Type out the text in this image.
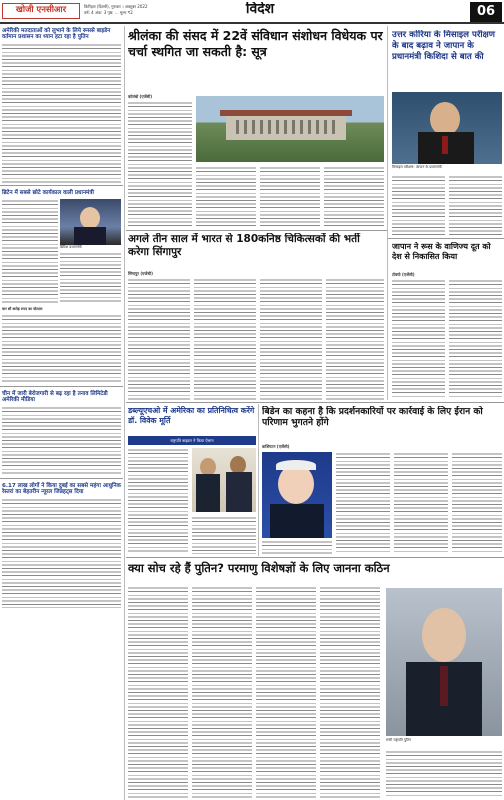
खोजी एनसीआर	किरिहल (दिल्ली), गुरुवार । अक्टूबर 2022
वर्ष: 4 अंक: 3 पृष्ठ: ... मूल्य ₹2	विदेश	06
अमेरिकी मतदाताओं को लुभाने के लिये रूससे बाइडेन वर्तमान प्रशासन का ध्यान हटा रहा है पुतिन
ब्रिटेन में सबसे छोटे कार्यकाल वाली प्रधानमंत्री
ब्रिटिश प्रधानमंत्री
चार सौ करोड़ रुपए का घोटाला
चीन में जारी बेरोजगारी से बढ़ रहा है तनाव लिमिटेडी अमेरिकी मीडिया
6.17 लाख लोगों ने किया दुबई का सबसे महंगा आधुनिक रेस्तरां का बेहतरीन न्यूरल जिन्नहट्स दिया
श्रीलंका की संसद में 22वें संविधान संशोधन विधेयक पर चर्चा स्थगित जा सकती है: सूत्र
कोलंबो (एजेंसी)
उत्तर कोरिया के मिसाइल परीक्षण के बाद बढ़ाव ने जापान के प्रधानमंत्री किशिदा से बात की
मिसाइल परीक्षण: जापान के प्रधानमंत्री
जापान ने रूस के वाणिज्य दूत को देश से निकासित किया
टोक्यो (एजेंसी)
अगले तीन साल में भारत से 180कनिष्ठ चिकित्सकों की भर्ती करेगा सिंगापुर
सिंगापुर (एजेंसी)
डब्ल्यूएचओ में अमेरिका का प्रतिनिधित्व करेंगे डॉ. विवेक मूर्ति
राष्ट्रपति बाइडन ने किया ऐलान
बिडेन का कहना है कि प्रदर्शनकारियों पर कार्रवाई के लिए ईरान को परिणाम भुगतने होंगे
वाशिंगटन (एजेंसी)
क्या सोच रहे हैं पुतिन? परमाणु विशेषज्ञों के लिए जानना कठिन
रूसी राष्ट्रपति पुतिन
